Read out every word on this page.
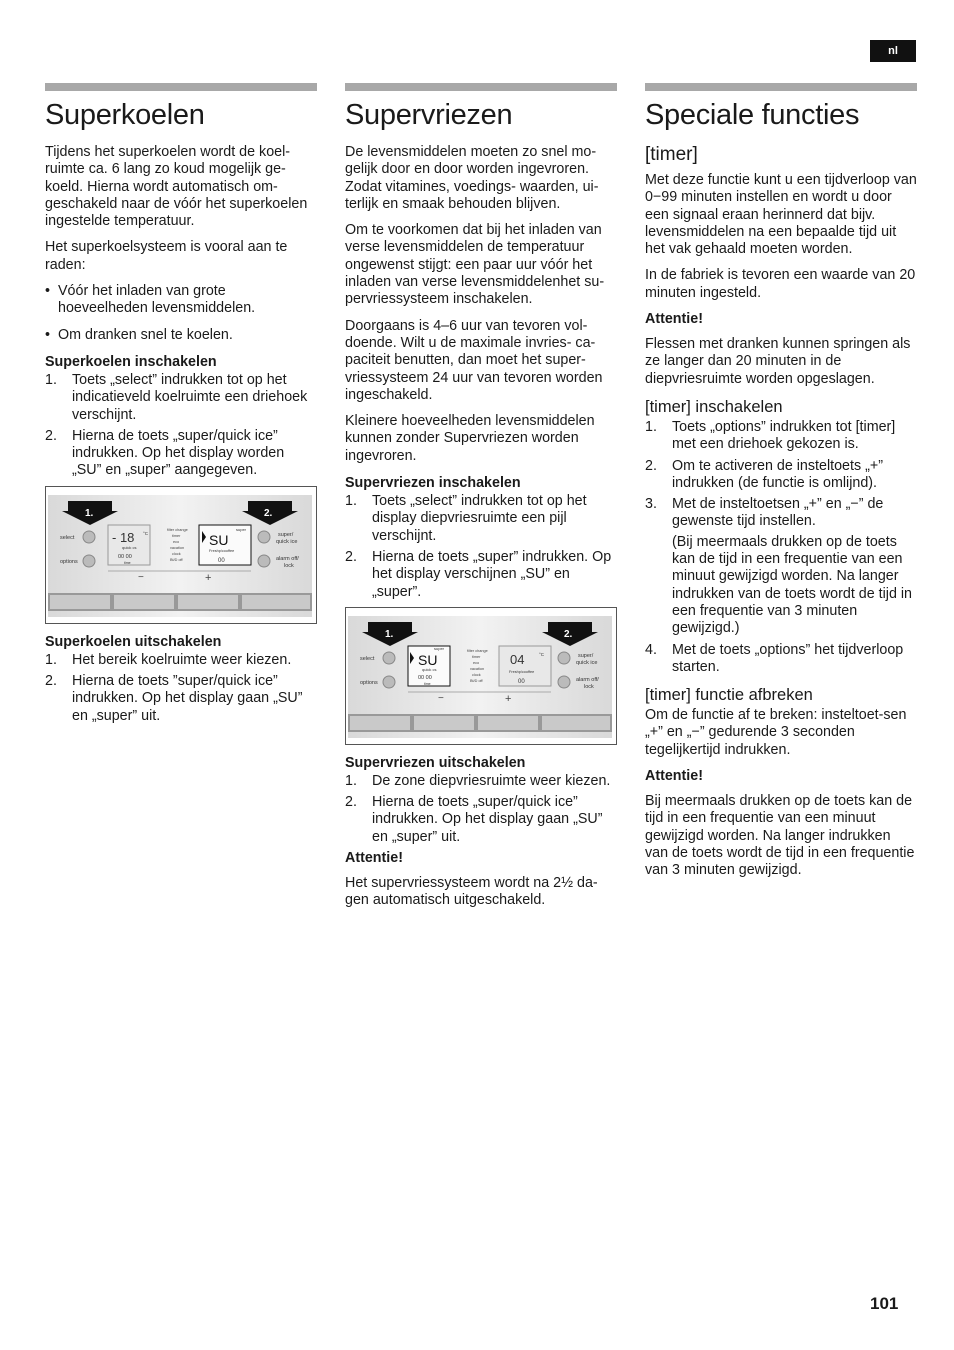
nl
Superkoelen

Tijdens het superkoelen wordt de koel-ruimte ca. 6 lang zo koud mogelijk ge-koeld. Hierna wordt automatisch om-geschakeld naar de vóór het superkoelen ingestelde temperatuur.

Het superkoelsysteem is vooral aan te raden:

• Vóór het inladen van grote hoeveelheden levensmiddelen.
• Om dranken snel te koelen.
Superkoelen inschakelen
1. Toets „select” indrukken tot op het indicatieveld koelruimte een driehoek verschijnt.
2. Hierna de toets „super/quick ice” indrukken. Op het display worden „SU” en „super” aangegeven.
1.	2.
select
options
- 18 °C
quick cs
00 00
time
filter change
timer
eco
vacation
clock
Bt/D off
SU
super
Freshp/cooffee
00
super/
quick ice
alarm off/
lock
−	+
Superkoelen uitschakelen
1. Het bereik koelruimte weer kiezen.
2. Hierna de toets ”super/quick ice” indrukken. Op het display gaan „SU” en „super” uit.
Supervriezen

De levensmiddelen moeten zo snel mo-gelijk door en door worden ingevroren. Zodat vitamines, voedings- waarden, ui-terlijk en smaak behouden blijven.

Om te voorkomen dat bij het inladen van verse levensmiddelen de temperatuur ongewenst stijgt: een paar uur vóór het inladen van verse levensmiddelenhet su-pervriessysteem inschakelen.

Doorgaans is 4–6 uur van tevoren vol-doende. Wilt u de maximale invries- ca-paciteit benutten, dan moet het super-vriessysteem 24 uur van tevoren worden ingeschakeld.

Kleinere hoeveelheden levensmiddelen kunnen zonder Supervriezen worden ingevroren.

Supervriezen inschakelen
1. Toets „select” indrukken tot op het display diepvriesruimte een pijl verschijnt.
2. Hierna de toets „super” indrukken. Op het display verschijnen „SU” en „super”.
1.	2.
select
options
SU
super
quick cs
00 00
time
filter change
timer
eco
vacation
clock
Bt/D off
04	°C
Freshp/cooffee
00
super/
quick ice
alarm off/
lock
−	+
Supervriezen uitschakelen
1. De zone diepvriesruimte weer kiezen.
2. Hierna de toets „super/quick ice” indrukken. Op het display gaan „SU” en „super” uit.
Attentie!

Het supervriessysteem wordt na 2½ da-gen automatisch uitgeschakeld.

Speciale functies
[timer]

Met deze functie kunt u een tijdverloop van 0−99 minuten instellen en wordt u door een signaal eraan herinnerd dat bijv. levensmiddelen na een bepaalde tijd uit het vak gehaald moeten worden.

In de fabriek is tevoren een waarde van 20 minuten ingesteld.

Attentie!

Flessen met dranken kunnen springen als ze langer dan 20 minuten in de diepvriesruimte worden opgeslagen.

[timer] inschakelen
1. Toets „options” indrukken tot [timer] met een driehoek gekozen is.
2. Om te activeren de insteltoets „+” indrukken (de functie is omlijnd).
3. Met de insteltoetsen „+” en „−” de gewenste tijd instellen.

(Bij meermaals drukken op de toets kan de tijd in een frequentie van een minuut gewijzigd worden. Na langer indrukken van de toets wordt de tijd in een frequentie van 3 minuten gewijzigd.)

4. Met de toets „options” het tijdverloop starten.
[timer] functie afbreken

Om de functie af te breken: insteltoet-sen „+” en „−” gedurende 3 seconden tegelijkertijd indrukken.

Attentie!

Bij meermaals drukken op de toets kan de tijd in een frequentie van een minuut gewijzigd worden. Na langer indrukken van de toets wordt de tijd in een frequentie van 3 minuten gewijzigd.

101
